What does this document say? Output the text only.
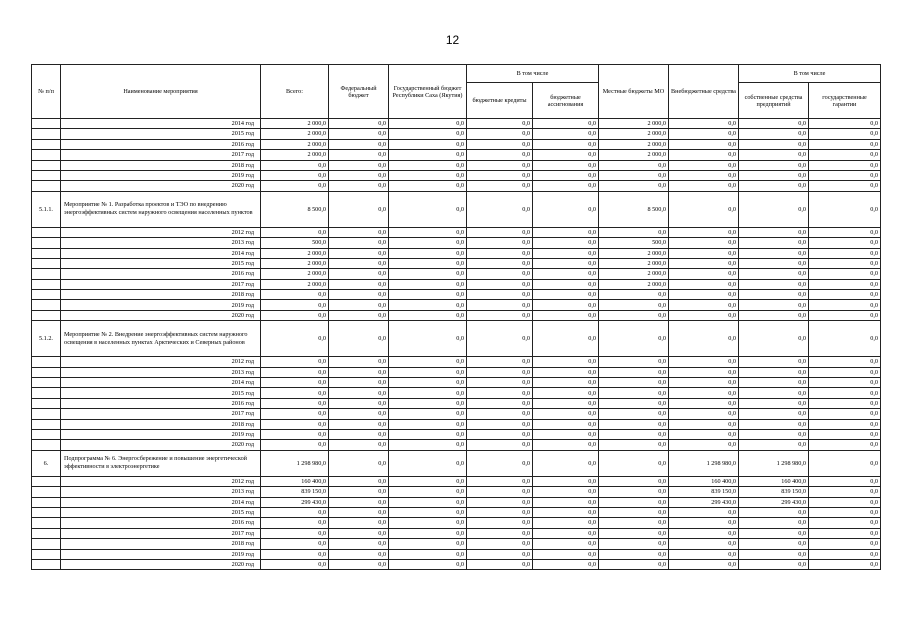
12
№ п/п	Наименование мероприятия	Всего:	Федеральный бюджет	Государственный бюджет Республики Саха (Якутия)	В том числе		Местные бюджеты МО	Внебюджетные средства	В том числе	
					бюджетные кредиты	бюджетные ассигнования			собственные средства предприятий	государственные гарантии
	2014 год	2 000,0	0,0	0,0	0,0	0,0	2 000,0	0,0	0,0	0,0
	2015 год	2 000,0	0,0	0,0	0,0	0,0	2 000,0	0,0	0,0	0,0
	2016 год	2 000,0	0,0	0,0	0,0	0,0	2 000,0	0,0	0,0	0,0
	2017 год	2 000,0	0,0	0,0	0,0	0,0	2 000,0	0,0	0,0	0,0
	2018 год	0,0	0,0	0,0	0,0	0,0	0,0	0,0	0,0	0,0
	2019 год	0,0	0,0	0,0	0,0	0,0	0,0	0,0	0,0	0,0
	2020 год	0,0	0,0	0,0	0,0	0,0	0,0	0,0	0,0	0,0
5.1.1.	Мероприятие № 1. Разработка проектов и ТЭО по внедрению энергоэффективных систем наружного освещения населенных пунктов	8 500,0	0,0	0,0	0,0	0,0	8 500,0	0,0	0,0	0,0
	2012 год	0,0	0,0	0,0	0,0	0,0	0,0	0,0	0,0	0,0
	2013 год	500,0	0,0	0,0	0,0	0,0	500,0	0,0	0,0	0,0
	2014 год	2 000,0	0,0	0,0	0,0	0,0	2 000,0	0,0	0,0	0,0
	2015 год	2 000,0	0,0	0,0	0,0	0,0	2 000,0	0,0	0,0	0,0
	2016 год	2 000,0	0,0	0,0	0,0	0,0	2 000,0	0,0	0,0	0,0
	2017 год	2 000,0	0,0	0,0	0,0	0,0	2 000,0	0,0	0,0	0,0
	2018 год	0,0	0,0	0,0	0,0	0,0	0,0	0,0	0,0	0,0
	2019 год	0,0	0,0	0,0	0,0	0,0	0,0	0,0	0,0	0,0
	2020 год	0,0	0,0	0,0	0,0	0,0	0,0	0,0	0,0	0,0
5.1.2.	Мероприятие № 2. Внедрение энергоэффективных систем наружного освещения в населенных пунктах Арктических и Северных районов	0,0	0,0	0,0	0,0	0,0	0,0	0,0	0,0	0,0
	2012 год	0,0	0,0	0,0	0,0	0,0	0,0	0,0	0,0	0,0
	2013 год	0,0	0,0	0,0	0,0	0,0	0,0	0,0	0,0	0,0
	2014 год	0,0	0,0	0,0	0,0	0,0	0,0	0,0	0,0	0,0
	2015 год	0,0	0,0	0,0	0,0	0,0	0,0	0,0	0,0	0,0
	2016 год	0,0	0,0	0,0	0,0	0,0	0,0	0,0	0,0	0,0
	2017 год	0,0	0,0	0,0	0,0	0,0	0,0	0,0	0,0	0,0
	2018 год	0,0	0,0	0,0	0,0	0,0	0,0	0,0	0,0	0,0
	2019 год	0,0	0,0	0,0	0,0	0,0	0,0	0,0	0,0	0,0
	2020 год	0,0	0,0	0,0	0,0	0,0	0,0	0,0	0,0	0,0
6.	Подпрограмма № 6. Энергосбережение и повышение энергетической эффективности в электроэнергетике	1 298 980,0	0,0	0,0	0,0	0,0	0,0	1 298 980,0	1 298 980,0	0,0
	2012 год	160 400,0	0,0	0,0	0,0	0,0	0,0	160 400,0	160 400,0	0,0
	2013 год	839 150,0	0,0	0,0	0,0	0,0	0,0	839 150,0	839 150,0	0,0
	2014 год	299 430,0	0,0	0,0	0,0	0,0	0,0	299 430,0	299 430,0	0,0
	2015 год	0,0	0,0	0,0	0,0	0,0	0,0	0,0	0,0	0,0
	2016 год	0,0	0,0	0,0	0,0	0,0	0,0	0,0	0,0	0,0
	2017 год	0,0	0,0	0,0	0,0	0,0	0,0	0,0	0,0	0,0
	2018 год	0,0	0,0	0,0	0,0	0,0	0,0	0,0	0,0	0,0
	2019 год	0,0	0,0	0,0	0,0	0,0	0,0	0,0	0,0	0,0
	2020 год	0,0	0,0	0,0	0,0	0,0	0,0	0,0	0,0	0,0
